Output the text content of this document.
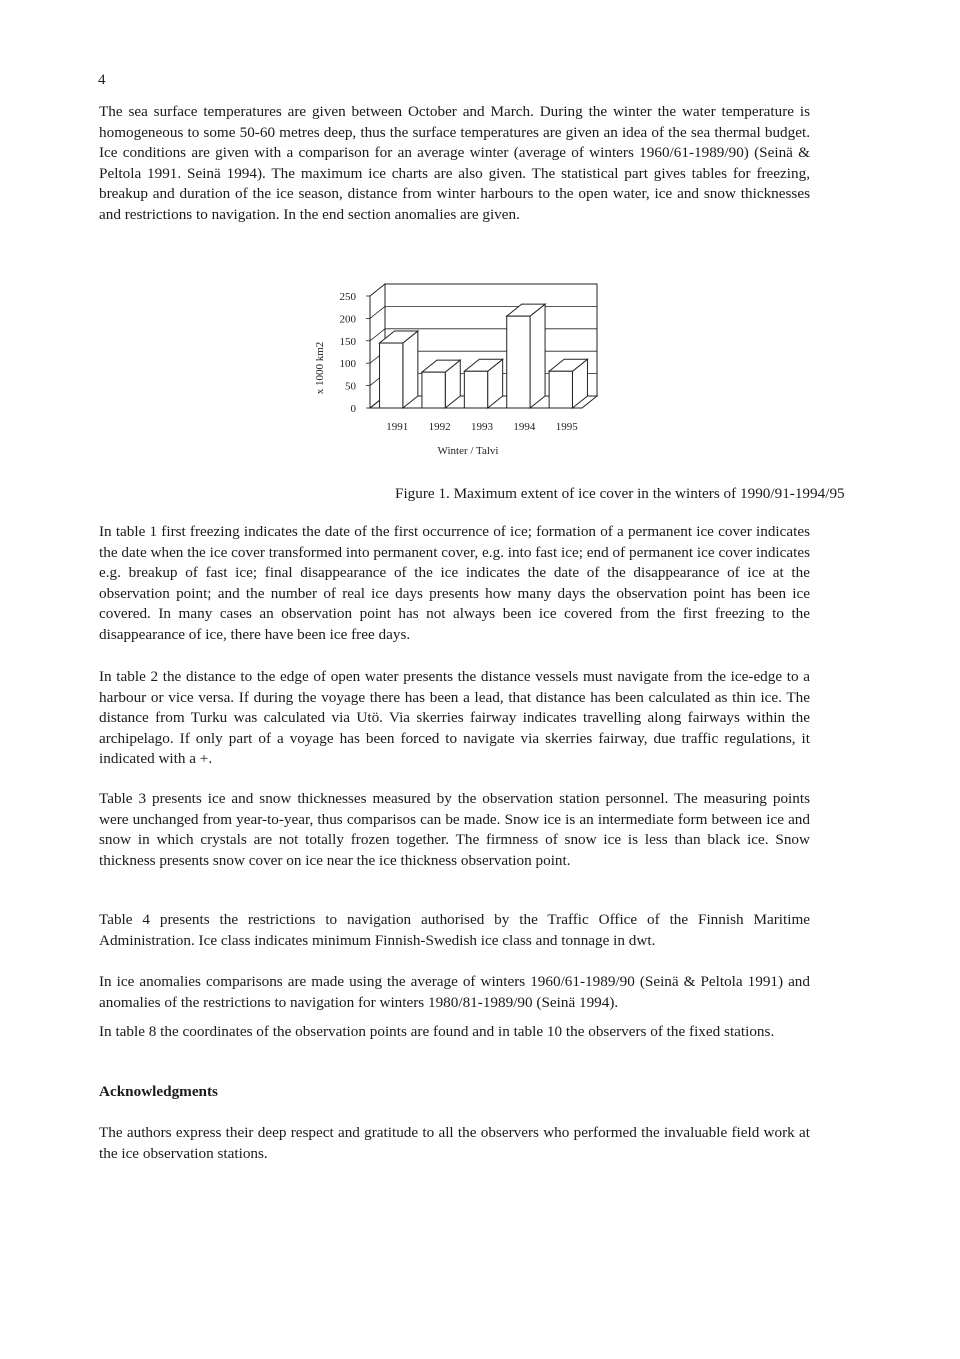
4

The sea surface temperatures are given between October and March. During the winter the water temperature is homogeneous to some 50-60 metres deep, thus the surface temperatures are given an idea of the sea thermal budget. Ice conditions are given with a comparison for an average winter (average of winters 1960/61-1989/90) (Seinä & Peltola 1991. Seinä 1994). The maximum ice charts are also given. The statistical part gives tables for freezing, breakup and duration of the ice season, distance from winter harbours to the open water, ice and snow thicknesses and restrictions to navigation. In the end section anomalies are given.

0
50
100
150
200
250
1991 1992 1993 1994 1995
x 1000 km2
Winter / Talvi
Figure 1. Maximum extent of ice cover in the winters of 1990/91-1994/95

In table 1 first freezing indicates the date of the first occurrence of ice; formation of a permanent ice cover indicates the date when the ice cover transformed into permanent cover, e.g. into fast ice; end of permanent ice cover indicates e.g. breakup of fast ice; final disappearance of the ice indicates the date of the disappearance of ice at the observation point; and the number of real ice days presents how many days the observation point has been ice covered. In many cases an observation point has not always been ice covered from the first freezing to the disappearance of ice, there have been ice free days.

In table 2 the distance to the edge of open water presents the distance vessels must navigate from the ice-edge to a harbour or vice versa. If during the voyage there has been a lead, that distance has been calculated as thin ice. The distance from Turku was calculated via Utö. Via skerries fairway indicates travelling along fairways within the archipelago. If only part of a voyage has been forced to navigate via skerries fairway, due traffic regulations, it indicated with a +.

Table 3 presents ice and snow thicknesses measured by the observation station personnel. The measuring points were unchanged from year-to-year, thus comparisos can be made. Snow ice is an intermediate form between ice and snow in which crystals are not totally frozen together. The firmness of snow ice is less than black ice. Snow thickness presents snow cover on ice near the ice thickness observation point.

Table 4 presents the restrictions to navigation authorised by the Traffic Office of the Finnish Maritime Administration. Ice class indicates minimum Finnish-Swedish ice class and tonnage in dwt.

In ice anomalies comparisons are made using the average of winters 1960/61-1989/90 (Seinä & Peltola 1991) and anomalies of the restrictions to navigation for winters 1980/81-1989/90 (Seinä 1994).

In table 8 the coordinates of the observation points are found and in table 10 the observers of the fixed stations.

Acknowledgments

The authors express their deep respect and gratitude to all the observers who performed the invaluable field work at the ice observation stations.
